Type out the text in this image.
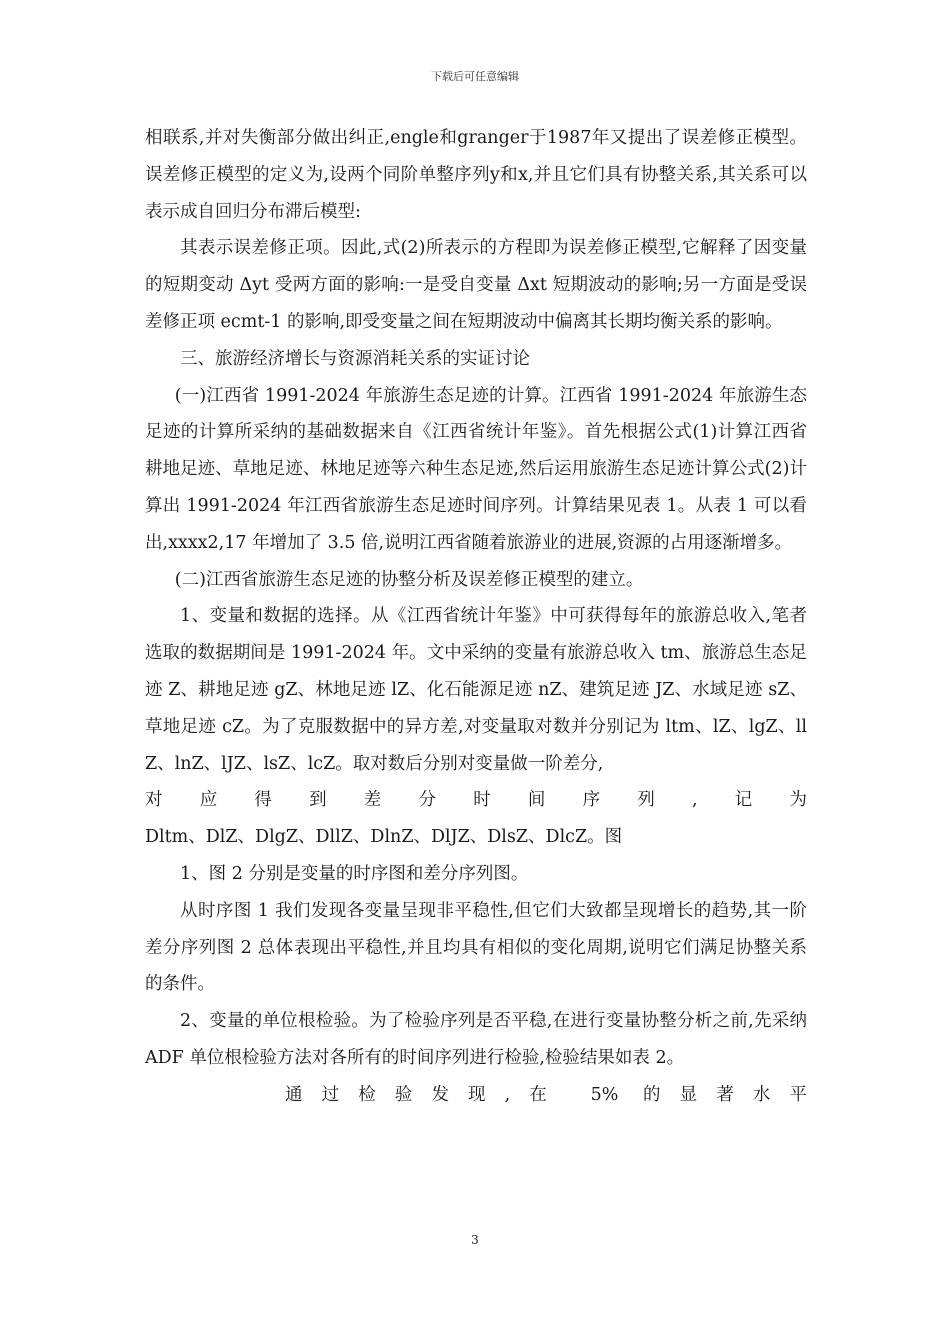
下载后可任意编辑

相联系,并对失衡部分做出纠正,engle和granger于1987年又提出了误差修正模型。误差修正模型的定义为,设两个同阶单整序列y和x,并且它们具有协整关系,其关系可以表示成自回归分布滞后模型:

其表示误差修正项。因此,式(2)所表示的方程即为误差修正模型,它解释了因变量的短期变动 Δyt 受两方面的影响:一是受自变量 Δxt 短期波动的影响;另一方面是受误差修正项 ecmt-1 的影响,即受变量之间在短期波动中偏离其长期均衡关系的影响。

三、旅游经济增长与资源消耗关系的实证讨论

(一)江西省 1991-2024 年旅游生态足迹的计算。江西省 1991-2024 年旅游生态足迹的计算所采纳的基础数据来自《江西省统计年鉴》。首先根据公式(1)计算江西省耕地足迹、草地足迹、林地足迹等六种生态足迹,然后运用旅游生态足迹计算公式(2)计算出 1991-2024 年江西省旅游生态足迹时间序列。计算结果见表 1。从表 1 可以看出,xxxx2,17 年增加了 3.5 倍,说明江西省随着旅游业的进展,资源的占用逐渐增多。

(二)江西省旅游生态足迹的协整分析及误差修正模型的建立。

1、变量和数据的选择。从《江西省统计年鉴》中可获得每年的旅游总收入,笔者选取的数据期间是 1991-2024 年。文中采纳的变量有旅游总收入 tm、旅游总生态足迹 Z、耕地足迹 gZ、林地足迹 lZ、化石能源足迹 nZ、建筑足迹 JZ、水域足迹 sZ、草地足迹 cZ。为了克服数据中的异方差,对变量取对数并分别记为 ltm、lZ、lgZ、llZ、lnZ、lJZ、lsZ、lcZ。取对数后分别对变量做一阶差分,

对应得到差分时间序列,记为

Dltm、DlZ、DlgZ、DllZ、DlnZ、DlJZ、DlsZ、DlcZ。图

1、图 2 分别是变量的时序图和差分序列图。

从时序图 1 我们发现各变量呈现非平稳性,但它们大致都呈现增长的趋势,其一阶差分序列图 2 总体表现出平稳性,并且均具有相似的变化周期,说明它们满足协整关系的条件。

2、变量的单位根检验。为了检验序列是否平稳,在进行变量协整分析之前,先采纳 ADF 单位根检验方法对各所有的时间序列进行检验,检验结果如表 2。

通过检验发现,在 5% 的显著水平

3
